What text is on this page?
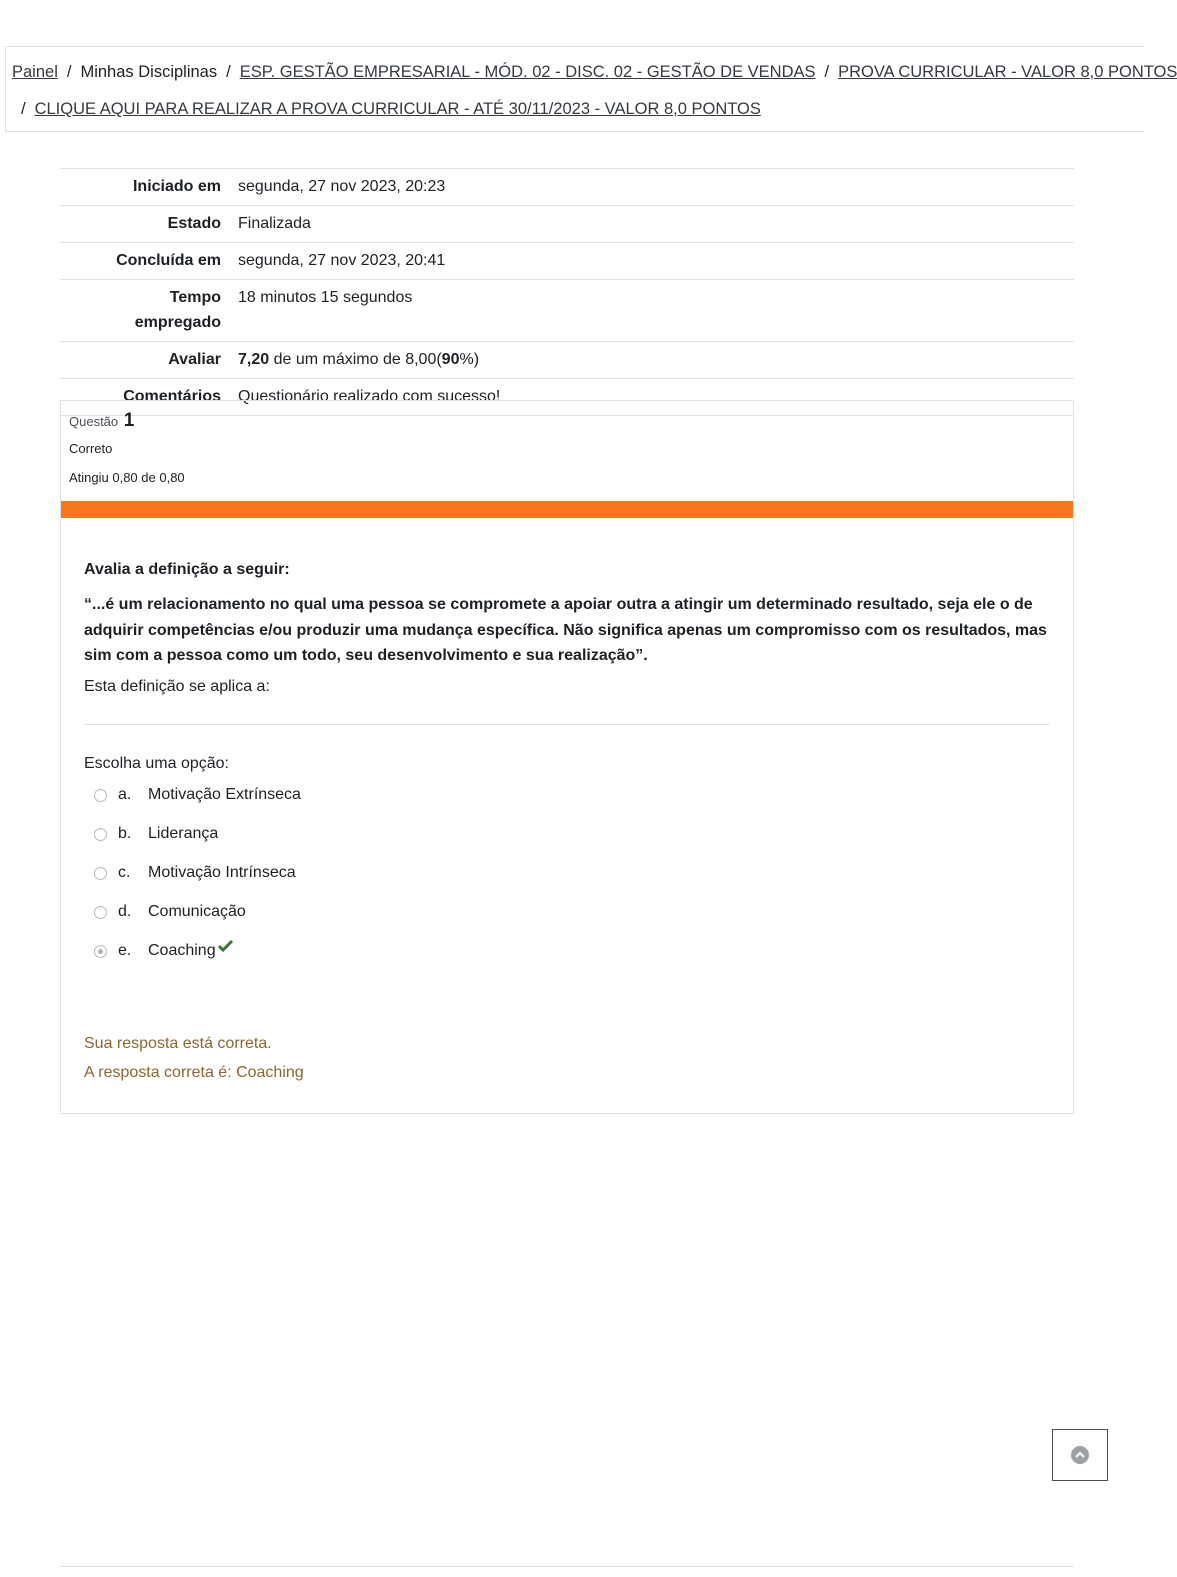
Painel / Minhas Disciplinas / ESP. GESTÃO EMPRESARIAL - MÓD. 02 - DISC. 02 - GESTÃO DE VENDAS / PROVA CURRICULAR - VALOR 8,0 PONTOS
/ CLIQUE AQUI PARA REALIZAR A PROVA CURRICULAR - ATÉ 30/11/2023 - VALOR 8,0 PONTOS
Iniciado em	segunda, 27 nov 2023, 20:23
Estado	Finalizada
Concluída em	segunda, 27 nov 2023, 20:41
Tempo
empregado	18 minutos 15 segundos
Avaliar	7,20 de um máximo de 8,00(90%)
Comentários	Questionário realizado com sucesso!
Questão 1
Correto
Atingiu 0,80 de 0,80
Avalia a definição a seguir:
“...é um relacionamento no qual uma pessoa se compromete a apoiar outra a atingir um determinado resultado, seja ele o de adquirir competências e/ou produzir uma mudança específica. Não significa apenas um compromisso com os resultados, mas sim com a pessoa como um todo, seu desenvolvimento e sua realização”.
Esta definição se aplica a:
Escolha uma opção:
a.	Motivação Extrínseca
b.	Liderança
c.	Motivação Intrínseca
d.	Comunicação
e.	Coaching

Sua resposta está correta.

A resposta correta é: Coaching
